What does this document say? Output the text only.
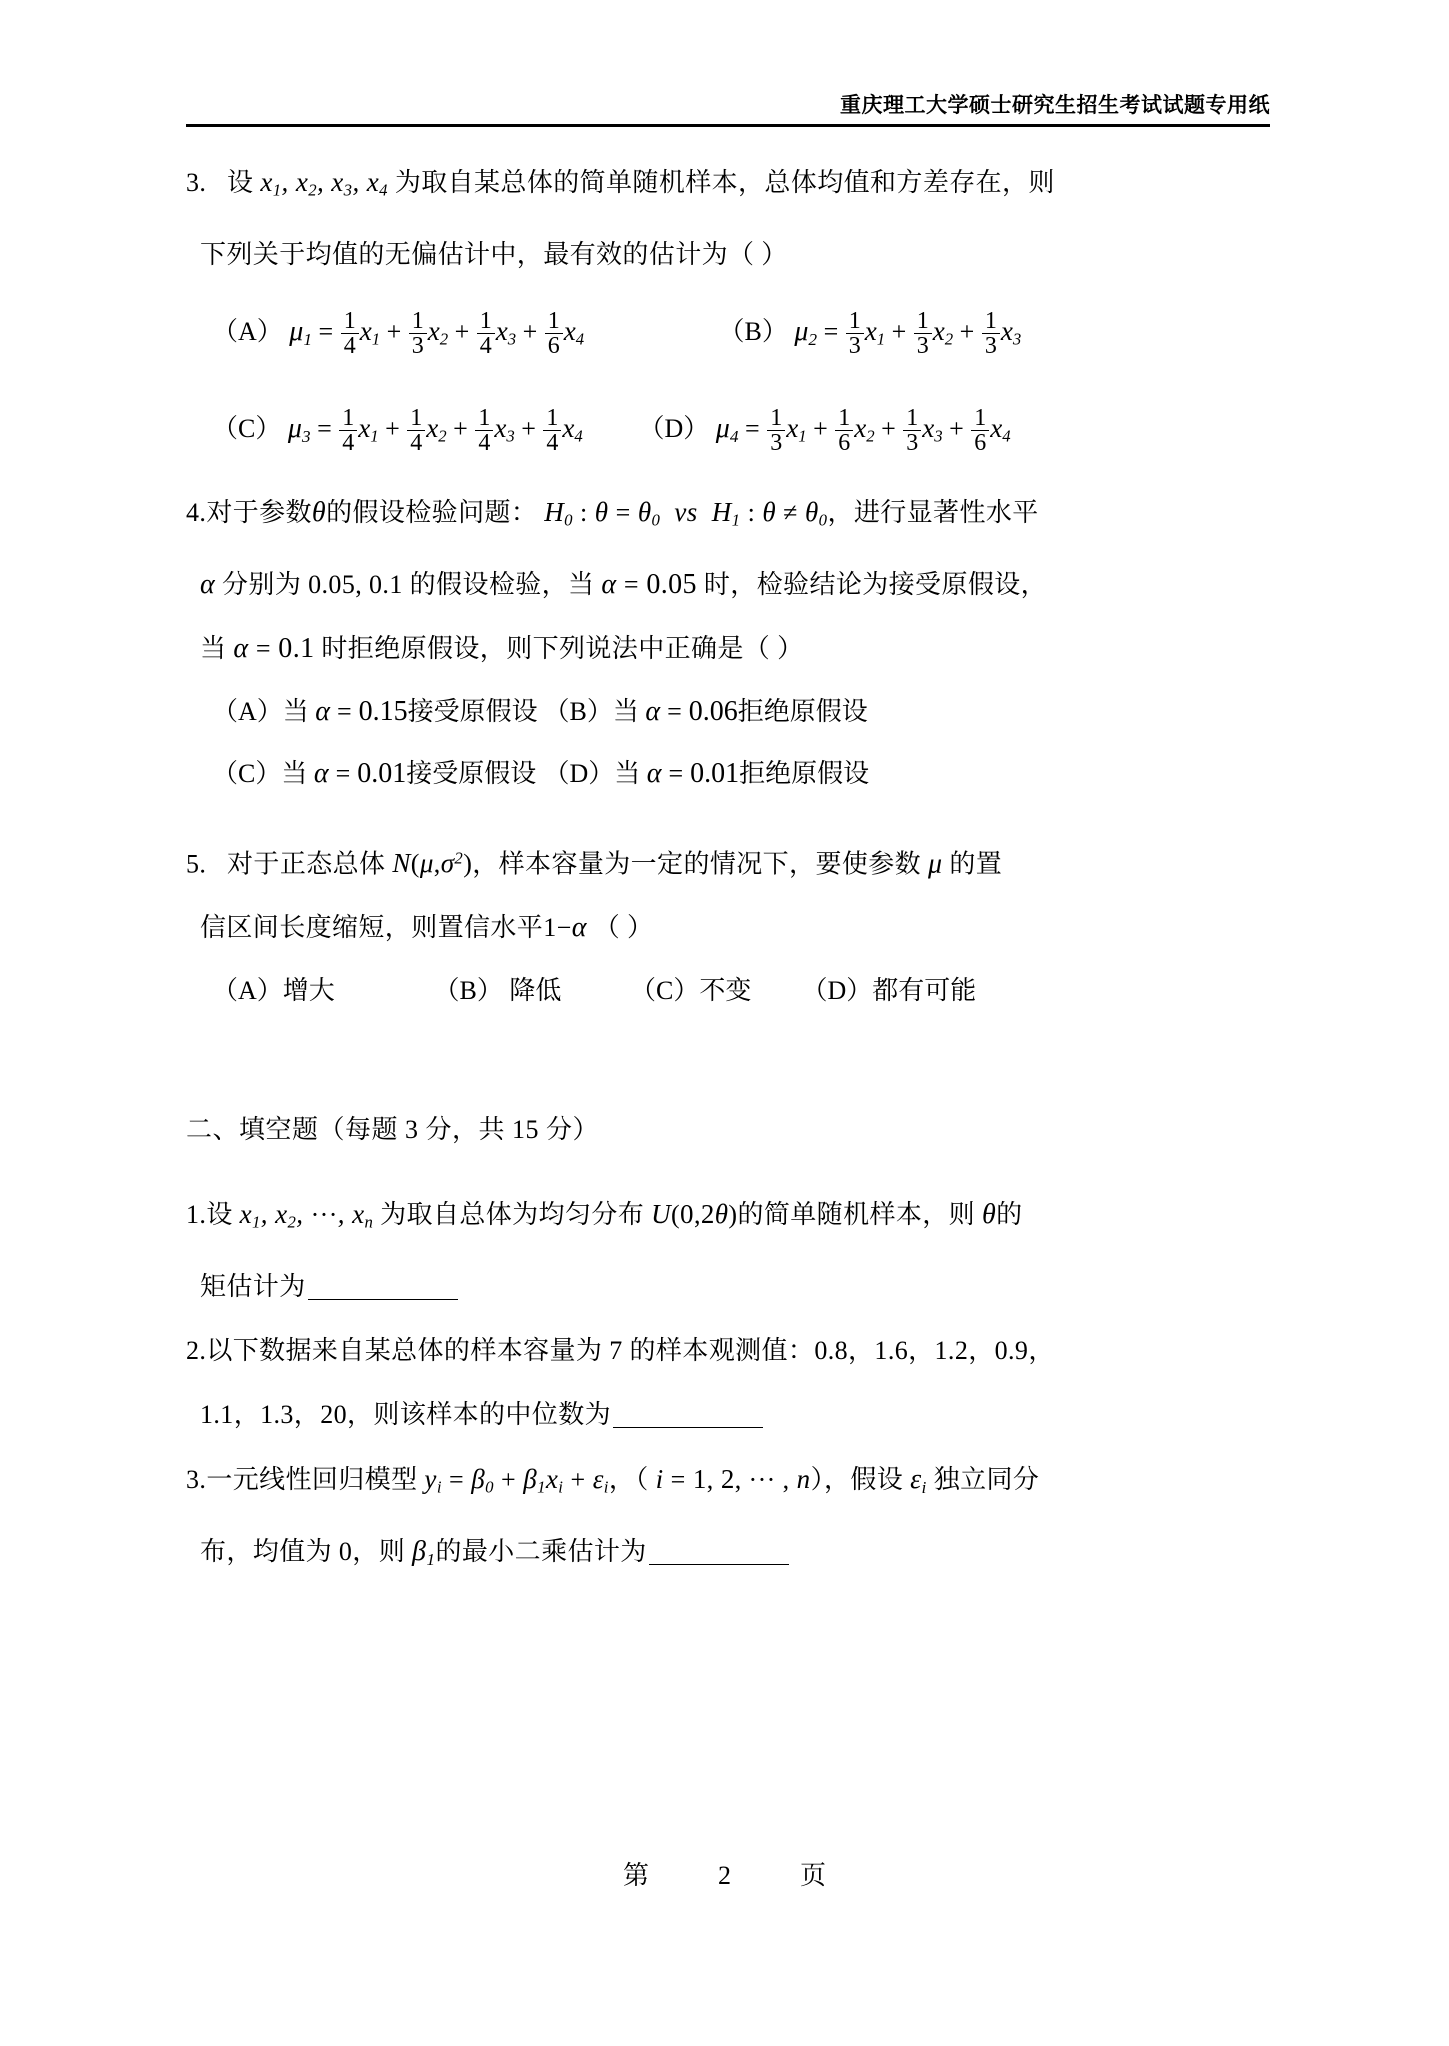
重庆理工大学硕士研究生招生考试试题专用纸
3. 设 $x_1$, $x_2$, $x_3$, $x_4$ 为取自某总体的简单随机样本，总体均值和方差存在，则
下列关于均值的无偏估计中，最有效的估计为（ ）
（A） $\mu_1 = \frac{1}{4} x_1 + \frac{1}{3} x_2 + \frac{1}{4} x_3 + \frac{1}{6} x_4$	（B） $\mu_2 = \frac{1}{3} x_1 + \frac{1}{3} x_2 + \frac{1}{3} x_3$
（C） $\mu_3 = \frac{1}{4} x_1 + \frac{1}{4} x_2 + \frac{1}{4} x_3 + \frac{1}{4} x_4$ （D） $\mu_4 = \frac{1}{3} x_1 + \frac{1}{6} x_2 + \frac{1}{3} x_3 + \frac{1}{6} x_4$
4.对于参数θ的假设检验问题： $H_0$ : $\theta = \theta_0$  vs  $H_1$ : $\theta \ne \theta_0$，进行显著性水平
α 分别为 0.05, 0.1 的假设检验，当 α = 0.05 时，检验结论为接受原假设，
当 α = 0.1 时拒绝原假设，则下列说法中正确是（ ）
（A）当 α = 0.15接受原假设 （B）当 α = 0.06拒绝原假设
（C）当 α = 0.01接受原假设 （D）当 α = 0.01拒绝原假设
5. 对于正态总体 $N(\mu,\sigma^2)$，样本容量为一定的情况下，要使参数 μ 的置
信区间长度缩短，则置信水平1−α （ ）
（A）增大	（B） 降低	（C）不变 （D）都有可能
二、填空题（每题 3 分，共 15 分）
1.设 $x_1$, $x_2$, ···, $x_n$ 为取自总体为均匀分布 U(0,2θ)的简单随机样本，则 θ的
矩估计为
2.以下数据来自某总体的样本容量为 7 的样本观测值：0.8，1.6，1.2，0.9，
1.1，1.3，20，则该样本的中位数为
3.一元线性回归模型 $y_i = \beta_0 + \beta_1x_i + \varepsilon_i$，（ i = 1, 2, ··· , n），假设 $\varepsilon_i$ 独立同分
布，均值为 0，则 $\beta_1$的最小二乘估计为
第	2	页
